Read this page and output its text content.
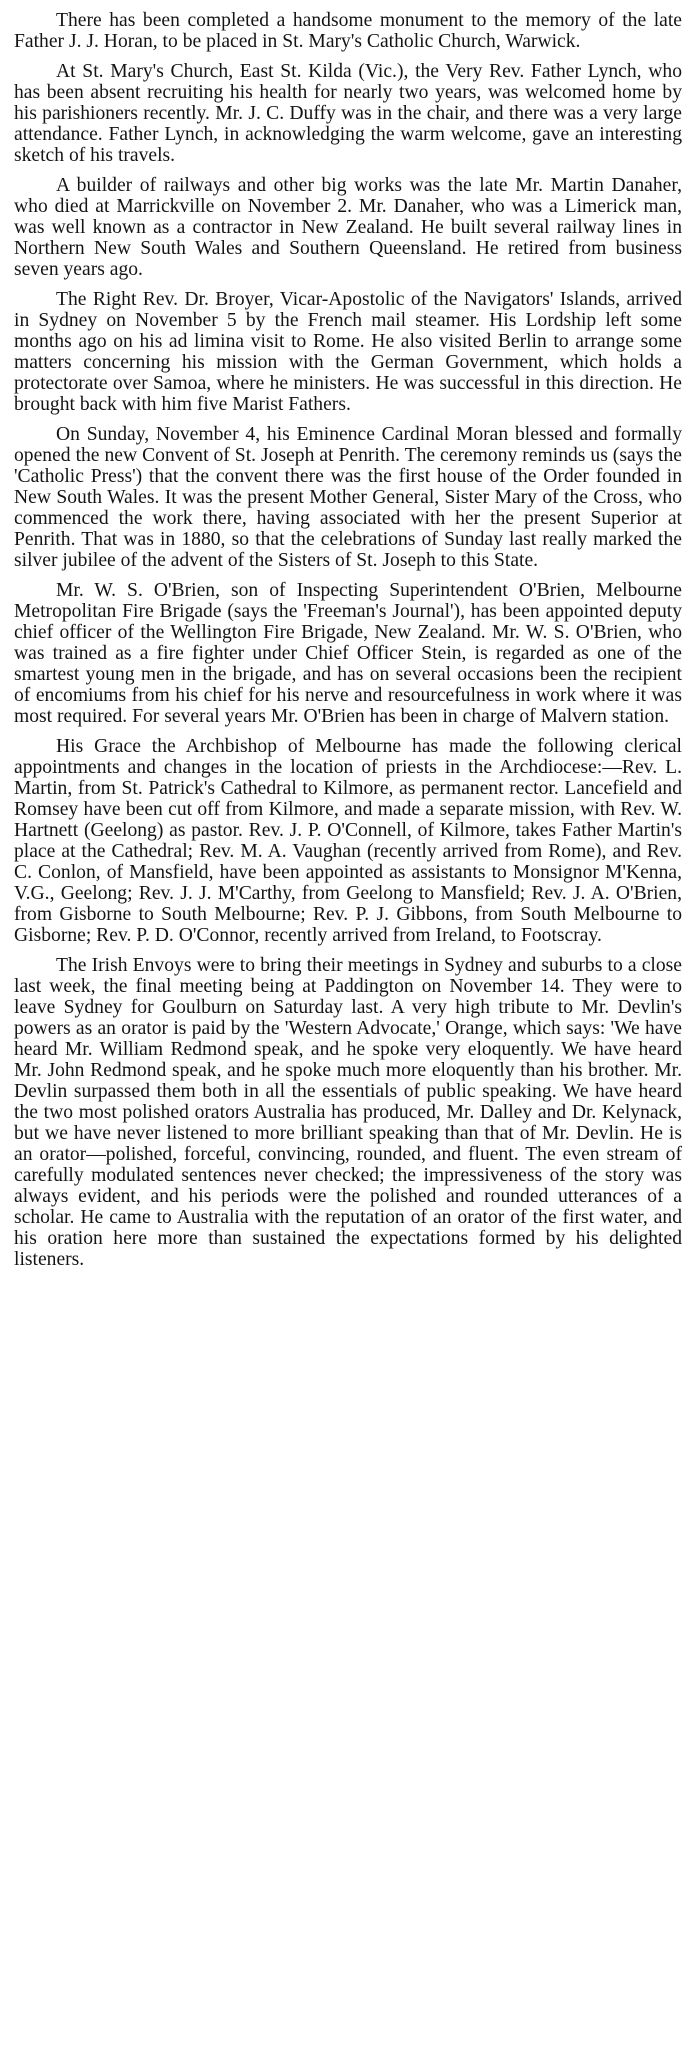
There has been completed a handsome monument to the memory of the late Father J. J. Horan, to be placed in St. Mary's Catholic Church, Warwick.

At St. Mary's Church, East St. Kilda (Vic.), the Very Rev. Father Lynch, who has been absent recruiting his health for nearly two years, was welcomed home by his parishioners recently. Mr. J. C. Duffy was in the chair, and there was a very large attendance. Father Lynch, in acknowledging the warm welcome, gave an interesting sketch of his travels.

A builder of railways and other big works was the late Mr. Martin Danaher, who died at Marrickville on November 2. Mr. Danaher, who was a Limerick man, was well known as a contractor in New Zealand. He built several railway lines in Northern New South Wales and Southern Queensland. He retired from business seven years ago.

The Right Rev. Dr. Broyer, Vicar-Apostolic of the Navigators' Islands, arrived in Sydney on November 5 by the French mail steamer. His Lordship left some months ago on his ad limina visit to Rome. He also visited Berlin to arrange some matters concerning his mission with the German Government, which holds a protectorate over Samoa, where he ministers. He was successful in this direction. He brought back with him five Marist Fathers.

On Sunday, November 4, his Eminence Cardinal Moran blessed and formally opened the new Convent of St. Joseph at Penrith. The ceremony reminds us (says the 'Catholic Press') that the convent there was the first house of the Order founded in New South Wales. It was the present Mother General, Sister Mary of the Cross, who commenced the work there, having associated with her the present Superior at Penrith. That was in 1880, so that the celebrations of Sunday last really marked the silver jubilee of the advent of the Sisters of St. Joseph to this State.

Mr. W. S. O'Brien, son of Inspecting Superintendent O'Brien, Melbourne Metropolitan Fire Brigade (says the 'Freeman's Journal'), has been appointed deputy chief officer of the Wellington Fire Brigade, New Zealand. Mr. W. S. O'Brien, who was trained as a fire fighter under Chief Officer Stein, is regarded as one of the smartest young men in the brigade, and has on several occasions been the recipient of encomiums from his chief for his nerve and resourcefulness in work where it was most required. For several years Mr. O'Brien has been in charge of Malvern station.

His Grace the Archbishop of Melbourne has made the following clerical appointments and changes in the location of priests in the Archdiocese:—Rev. L. Martin, from St. Patrick's Cathedral to Kilmore, as permanent rector. Lancefield and Romsey have been cut off from Kilmore, and made a separate mission, with Rev. W. Hartnett (Geelong) as pastor. Rev. J. P. O'Connell, of Kilmore, takes Father Martin's place at the Cathedral; Rev. M. A. Vaughan (recently arrived from Rome), and Rev. C. Conlon, of Mansfield, have been appointed as assistants to Monsignor M'Kenna, V.G., Geelong; Rev. J. J. M'Carthy, from Geelong to Mansfield; Rev. J. A. O'Brien, from Gisborne to South Melbourne; Rev. P. J. Gibbons, from South Melbourne to Gisborne; Rev. P. D. O'Connor, recently arrived from Ireland, to Footscray.

The Irish Envoys were to bring their meetings in Sydney and suburbs to a close last week, the final meeting being at Paddington on November 14. They were to leave Sydney for Goulburn on Saturday last. A very high tribute to Mr. Devlin's powers as an orator is paid by the 'Western Advocate,' Orange, which says: 'We have heard Mr. William Redmond speak, and he spoke very eloquently. We have heard Mr. John Redmond speak, and he spoke much more eloquently than his brother. Mr. Devlin surpassed them both in all the essentials of public speaking. We have heard the two most polished orators Australia has produced, Mr. Dalley and Dr. Kelynack, but we have never listened to more brilliant speaking than that of Mr. Devlin. He is an orator—polished, forceful, convincing, rounded, and fluent. The even stream of carefully modulated sentences never checked; the impressiveness of the story was always evident, and his periods were the polished and rounded utterances of a scholar. He came to Australia with the reputation of an orator of the first water, and his oration here more than sustained the expectations formed by his delighted listeners.
